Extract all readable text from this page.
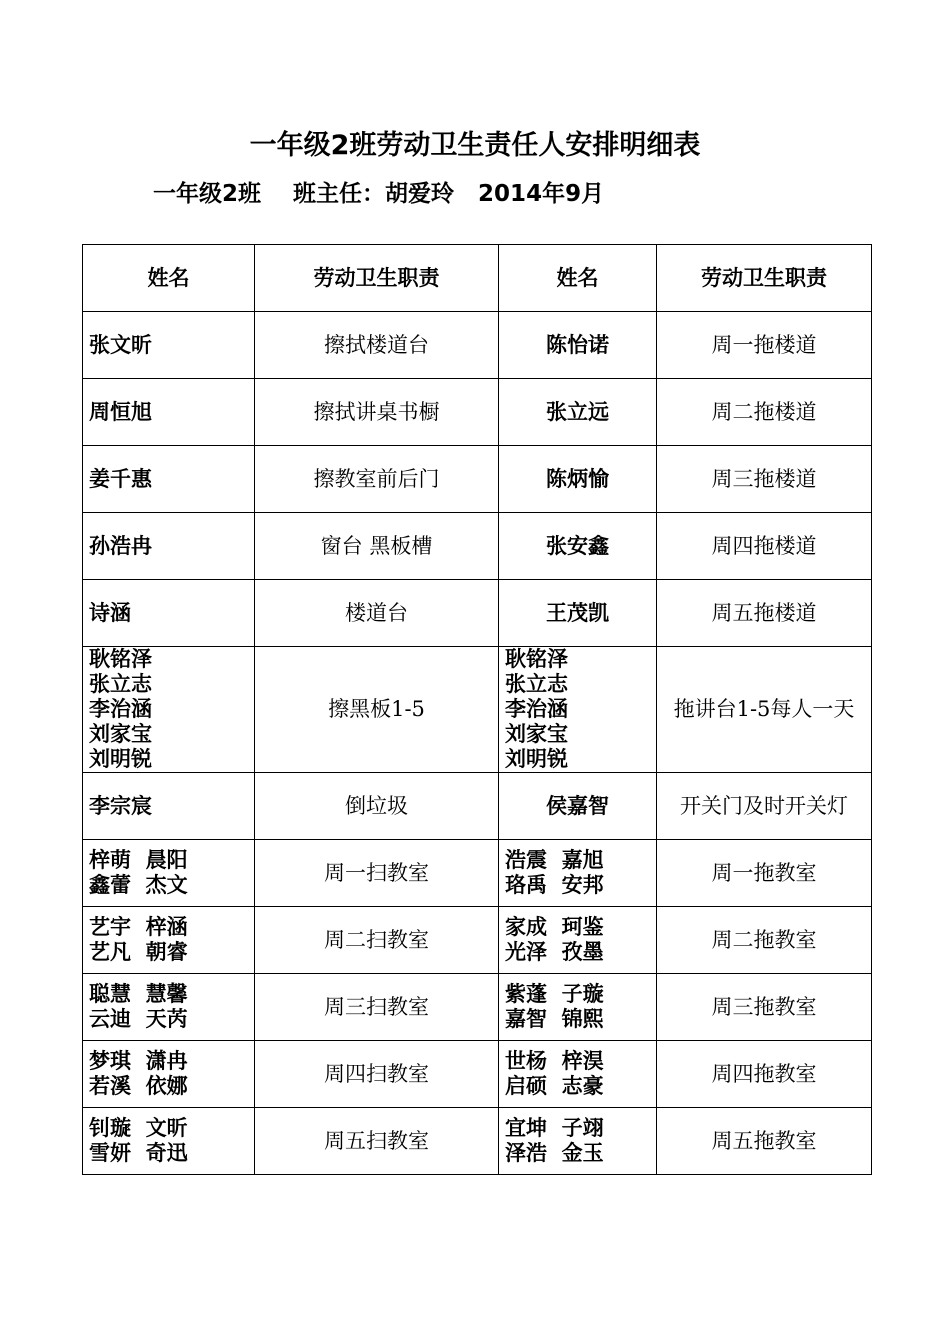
一年级2班劳动卫生责任人安排明细表
一年级2班    班主任：胡爱玲   2014年9月
姓名	劳动卫生职责	姓名	劳动卫生职责

张文昕	擦拭楼道台	陈怡诺	周一拖楼道

周恒旭	擦拭讲桌书橱	张立远	周二拖楼道

姜千惠	擦教室前后门	陈炳愉	周三拖楼道

孙浩冉	窗台 黑板槽	张安鑫	周四拖楼道

诗涵	楼道台	王茂凯	周五拖楼道

耿铭泽
张立志
李治涵
刘家宝
刘明锐	擦黑板1-5	耿铭泽
张立志
李治涵
刘家宝
刘明锐	拖讲台1-5每人一天

李宗宸	倒垃圾	侯嘉智	开关门及时开关灯

梓萌  晨阳
鑫蕾  杰文	周一扫教室	浩震  嘉旭
珞禹  安邦	周一拖教室

艺宇  梓涵
艺凡  朝睿	周二扫教室	家成  珂鉴
光泽  孜墨	周二拖教室

聪慧  慧馨
云迪  天芮	周三扫教室	紫蓬  子璇
嘉智  锦熙	周三拖教室

梦琪  潇冉
若溪  依娜	周四扫教室	世杨  梓淏
启硕  志豪	周四拖教室

钊璇  文昕
雪妍  奇迅	周五扫教室	宜坤  子翊
泽浩  金玉	周五拖教室
